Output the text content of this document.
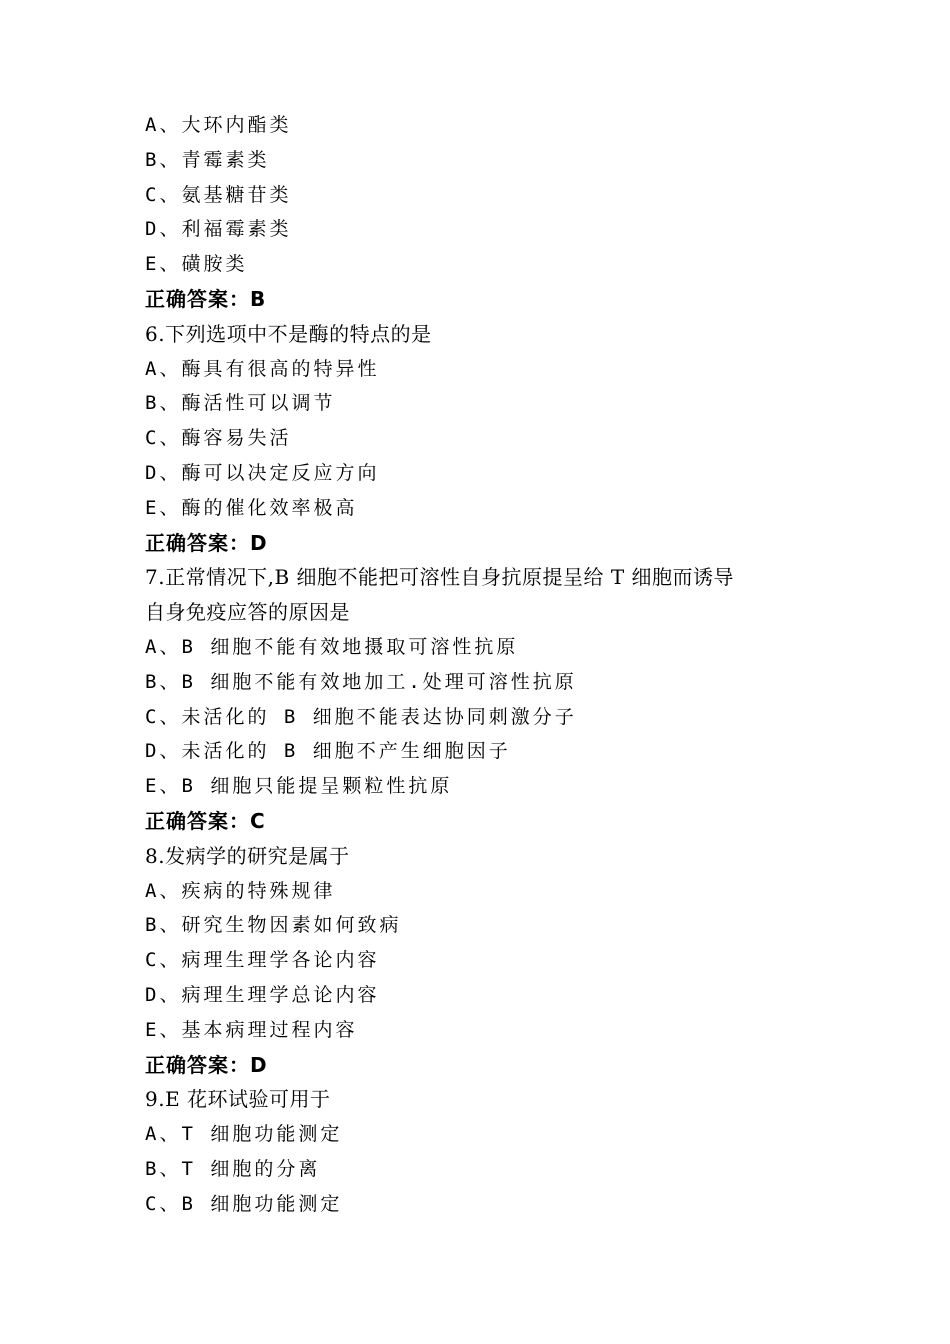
A、大环内酯类
B、青霉素类
C、氨基糖苷类
D、利福霉素类
E、磺胺类
正确答案：B
6.下列选项中不是酶的特点的是
A、酶具有很高的特异性
B、酶活性可以调节
C、酶容易失活
D、酶可以决定反应方向
E、酶的催化效率极高
正确答案：D
7.正常情况下,B 细胞不能把可溶性自身抗原提呈给 T 细胞而诱导
自身免疫应答的原因是
A、B 细胞不能有效地摄取可溶性抗原
B、B 细胞不能有效地加工.处理可溶性抗原
C、未活化的 B 细胞不能表达协同刺激分子
D、未活化的 B 细胞不产生细胞因子
E、B 细胞只能提呈颗粒性抗原
正确答案：C
8.发病学的研究是属于
A、疾病的特殊规律
B、研究生物因素如何致病
C、病理生理学各论内容
D、病理生理学总论内容
E、基本病理过程内容
正确答案：D
9.E 花环试验可用于
A、T 细胞功能测定
B、T 细胞的分离
C、B 细胞功能测定
